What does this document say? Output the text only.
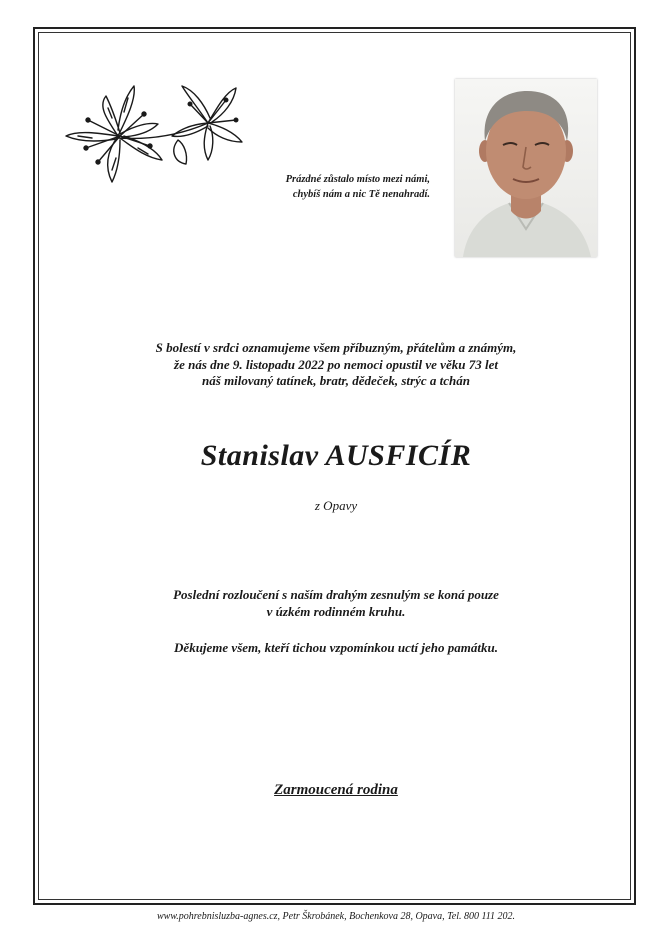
Prázdné zůstalo místo mezi námi,
chybíš nám a nic Tě nenahradí.
S bolestí v srdci oznamujeme všem příbuzným, přátelům a známým,
že nás dne 9. listopadu 2022 po nemoci opustil ve věku 73 let
náš milovaný tatínek, bratr, dědeček, strýc a tchán
Stanislav AUSFICÍR
z Opavy
Poslední rozloučení s naším drahým zesnulým se koná pouze
v úzkém rodinném kruhu.
Děkujeme všem, kteří tichou vzpomínkou uctí jeho památku.
Zarmoucená rodina
www.pohrebnisluzba-agnes.cz, Petr Škrobánek, Bochenkova 28, Opava, Tel. 800 111 202.
